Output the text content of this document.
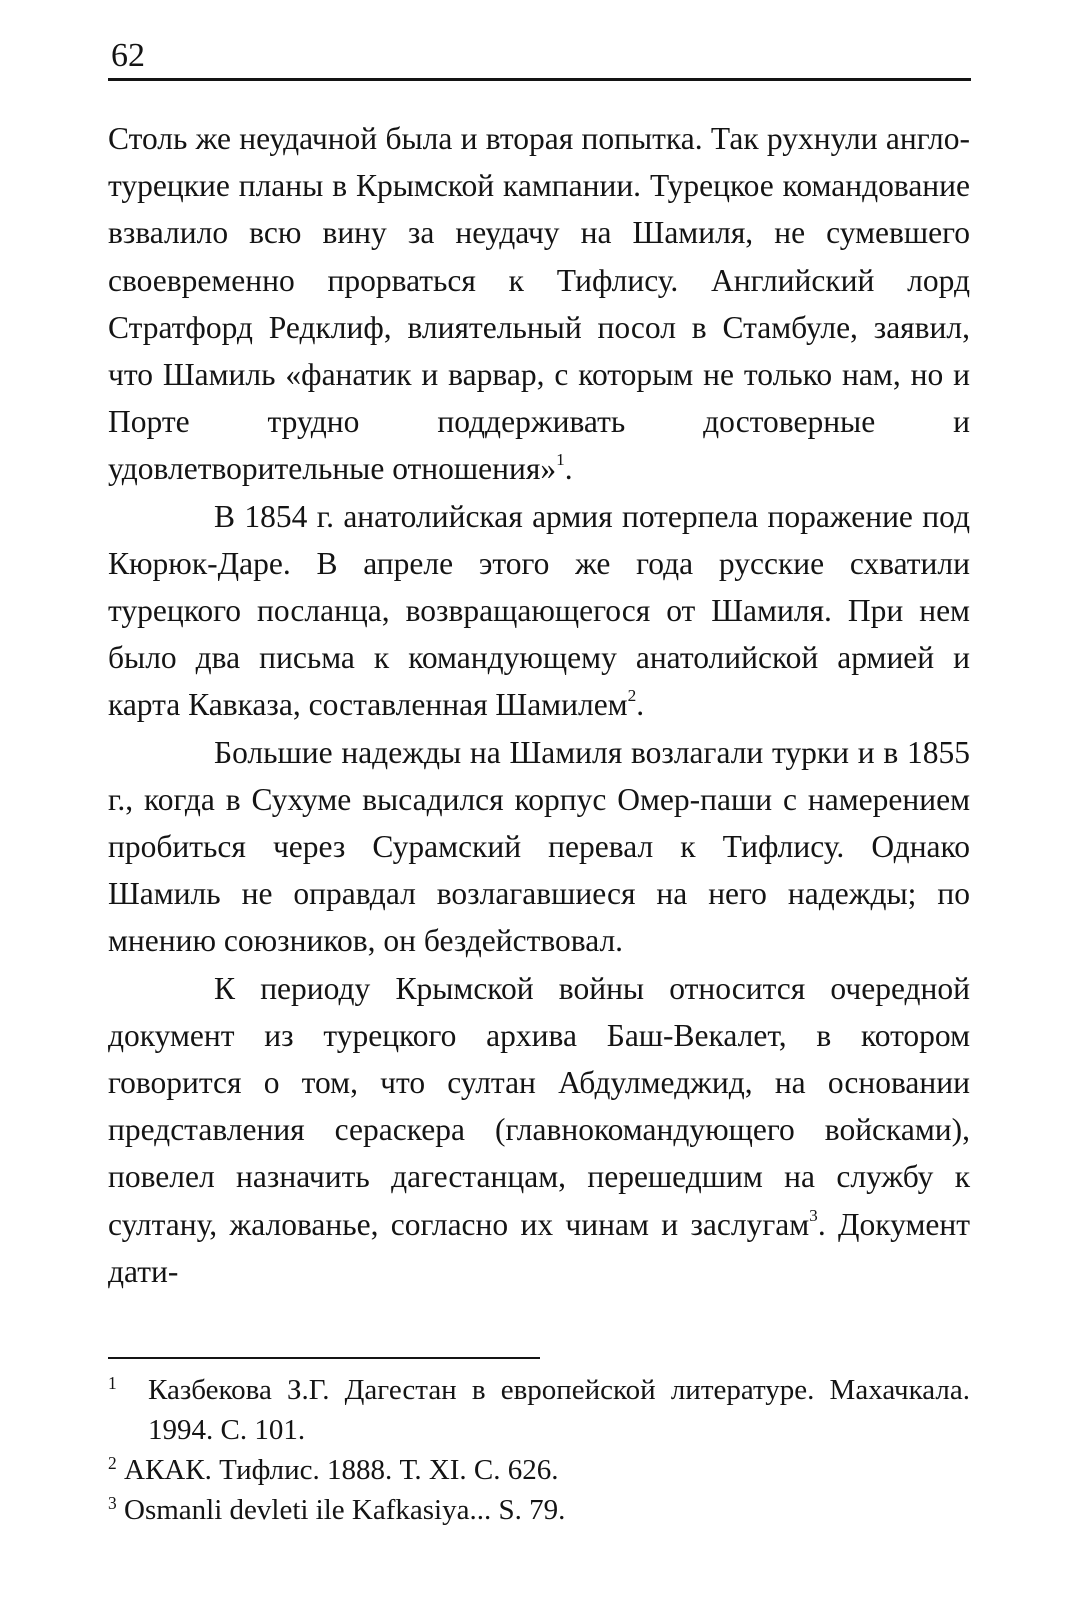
62

Столь же неудачной была и вторая попытка. Так рухнули англо-турецкие планы в Крымской кампании. Турецкое командование взвалило всю вину за неудачу на Шамиля, не сумевшего своевременно прорваться к Тифлису. Английский лорд Стратфорд Редклиф, влиятельный посол в Стамбуле, заявил, что Шамиль «фанатик и варвар, с которым не только нам, но и Порте трудно поддерживать достоверные и удовлетворительные отношения»$^1$.

В 1854 г. анатолийская армия потерпела поражение под Кюрюк-Даре. В апреле этого же года русские схватили турецкого посланца, возвращающегося от Шамиля. При нем было два письма к командующему анатолийской армией и карта Кавказа, составленная Шамилем$^2$.

Большие надежды на Шамиля возлагали турки и в 1855 г., когда в Сухуме высадился корпус Омер-паши с намерением пробиться через Сурамский перевал к Тифлису. Однако Шамиль не оправдал возлагавшиеся на него надежды; по мнению союзников, он бездействовал.

К периоду Крымской войны относится очередной документ из турецкого архива Баш-Векалет, в котором говорится о том, что султан Абдулмеджид, на основании представления сераскера (главнокомандующего войсками), повелел назначить дагестанцам, перешедшим на службу к султану, жалованье, согласно их чинам и заслугам$^3$. Документ дати-

1 Казбекова З.Г. Дагестан в европейской литературе. Махачкала. 1994. С. 101.

2 АКАК. Тифлис. 1888. Т. XI. С. 626.

3 Osmanli devleti ile Kafkasiya... S. 79.
